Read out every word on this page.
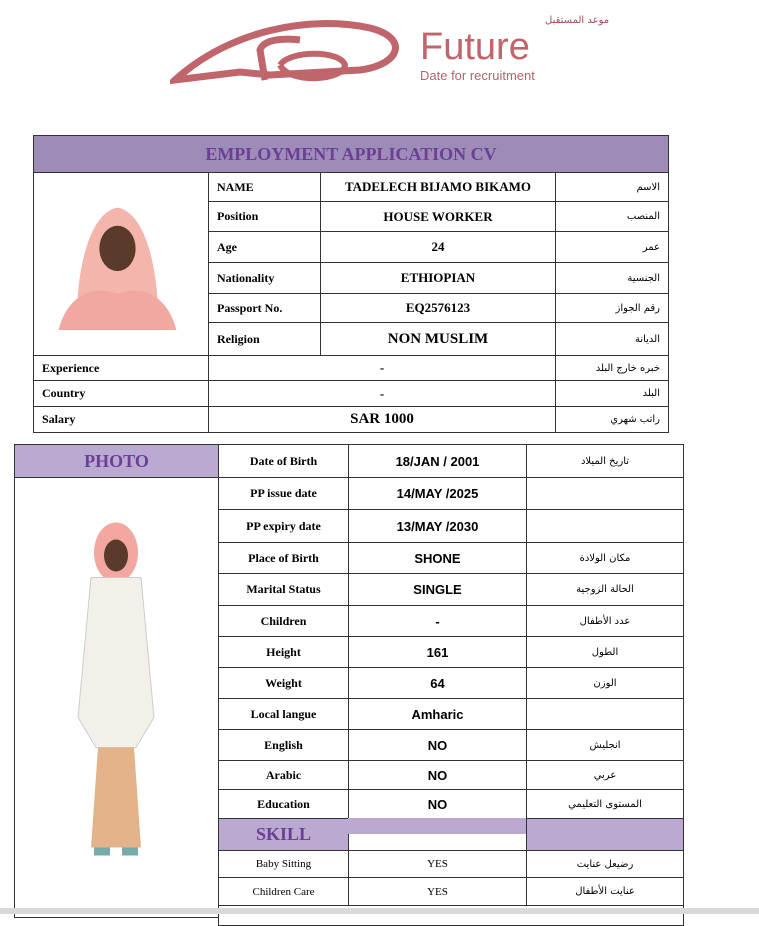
EMPLOYMENT APPLICATION CV
NAME	TADELECH BIJAMO BIKAMO	الاسم
Position	HOUSE WORKER	المنصب
Age	24	عمر
Nationality	ETHIOPIAN	الجنسية
Passport No.	EQ2576123	رقم الجواز
Religion	NON MUSLIM	الديانة
Experience	-	خبره خارج البلد
Country	-	البلد
Salary	SAR 1000	راتب شهري
PHOTO	Date of Birth	18/JAN / 2001	تاريخ الميلاد
PP issue date	14/MAY /2025
PP expiry date	13/MAY /2030
Place of Birth	SHONE	مكان الولادة
Marital Status	SINGLE	الحالة الزوجية
Children	-	عدد الأطفال
Height	161	الطول
Weight	64	الوزن
Local langue	Amharic
English	NO	انجليش
Arabic	NO	عربي
Education	NO	المستوى التعليمي
SKILL
Baby Sitting	YES	رضيعل عنايت
Children Care	YES	عنايت الأطفال
موعد المستقبل
Future
Date for recruitment
